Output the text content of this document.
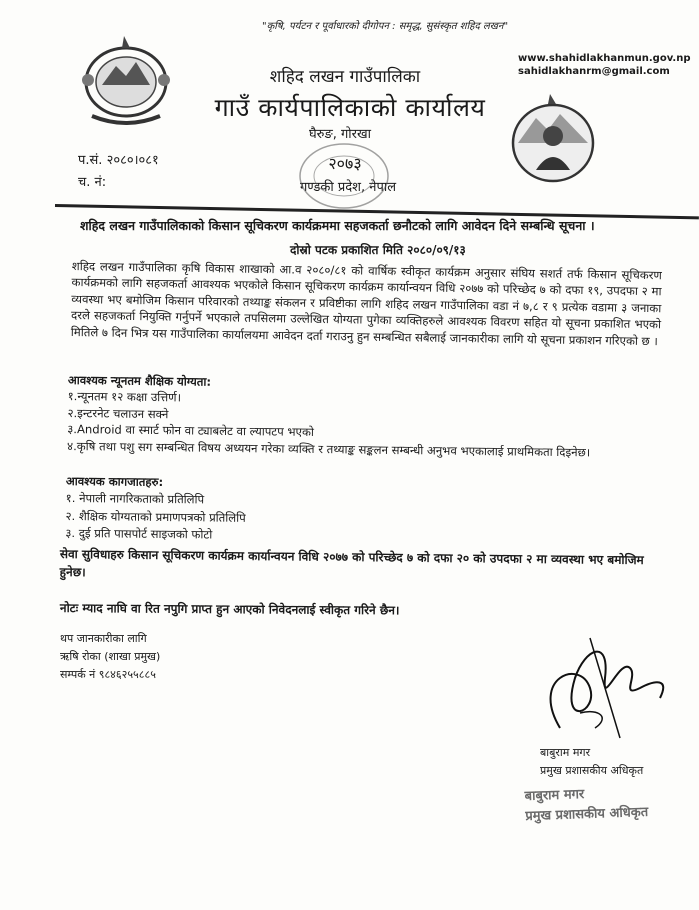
"कृषि, पर्यटन र पूर्वाधारको दीगोपन : समृद्ध, सुसंस्कृत शहिद लखन"
www.shahidlakhanmun.gov.np
sahidlakhanrm@gmail.com
शहिद लखन गाउँपालिका
गाउँ कार्यपालिकाको कार्यालय
घैरुङ, गोरखा
२०७३
गण्डकी प्रदेश, नेपाल
प.सं. २०८०।०८१
च. नं:
शहिद लखन गाउँपालिकाको किसान सूचिकरण कार्यक्रममा सहजकर्ता छनौटको लागि आवेदन दिने सम्बन्धि सूचना ।
दोस्रो पटक प्रकाशित मिति २०८०/०९/१३
शहिद लखन गाउँपालिका कृषि विकास शाखाको आ.व २०८०/८१ को वार्षिक स्वीकृत कार्यक्रम अनुसार संघिय सशर्त तर्फ किसान सूचिकरण कार्यक्रमको लागि सहजकर्ता आवश्यक भएकोले किसान सूचिकरण कार्यक्रम कार्यान्वयन विधि २०७७ को परिच्छेद ७ को दफा १९, उपदफा २ मा व्यवस्था भए बमोजिम किसान परिवारको तथ्याङ्क संकलन र प्रविष्टीका लागि शहिद लखन गाउँपालिका वडा नं ७,८ र ९ प्रत्येक वडामा ३ जनाका दरले सहजकर्ता नियुक्ति गर्नुपर्ने भएकाले तपसिलमा उल्लेखित योग्यता पुगेका व्यक्तिहरुले आवश्यक विवरण सहित यो सूचना प्रकाशित भएको मितिले ७ दिन भित्र यस गाउँपालिका कार्यालयमा आवेदन दर्ता गराउनु हुन सम्बन्धित सबैलाई जानकारीका लागि यो सूचना प्रकाशन गरिएको छ ।
आवश्यक न्यूनतम शैक्षिक योग्यता:
१.न्यूनतम १२ कक्षा उत्तिर्ण।
२.इन्टरनेट चलाउन सक्ने
३.Android वा स्मार्ट फोन वा ट्याबलेट वा ल्यापटप भएको
४.कृषि तथा पशु सग सम्बन्धित विषय अध्ययन गरेका व्यक्ति र तथ्याङ्क सङ्कलन सम्बन्धी अनुभव भएकालाई प्राथमिकता दिइनेछ।
आवश्यक कागजातहरु:
१. नेपाली नागरिकताको प्रतिलिपि
२. शैक्षिक योग्यताको प्रमाणपत्रको प्रतिलिपि
३. दुई प्रति पासपोर्ट साइजको फोटो
सेवा सुविधाहरु किसान सूचिकरण कार्यक्रम कार्यान्वयन विधि २०७७ को परिच्छेद ७ को दफा २० को उपदफा २ मा व्यवस्था भए बमोजिम हुनेछ।
नोटः म्याद नाघि वा रित नपुगि प्राप्त हुन आएको निवेदनलाई स्वीकृत गरिने छैन।
थप जानकारीका लागि
ऋषि रोका (शाखा प्रमुख)
सम्पर्क नं ९८४६२५५८८५
बाबुराम मगर
प्रमुख प्रशासकीय अधिकृत
बाबुराम मगर
प्रमुख प्रशासकीय अधिकृत
